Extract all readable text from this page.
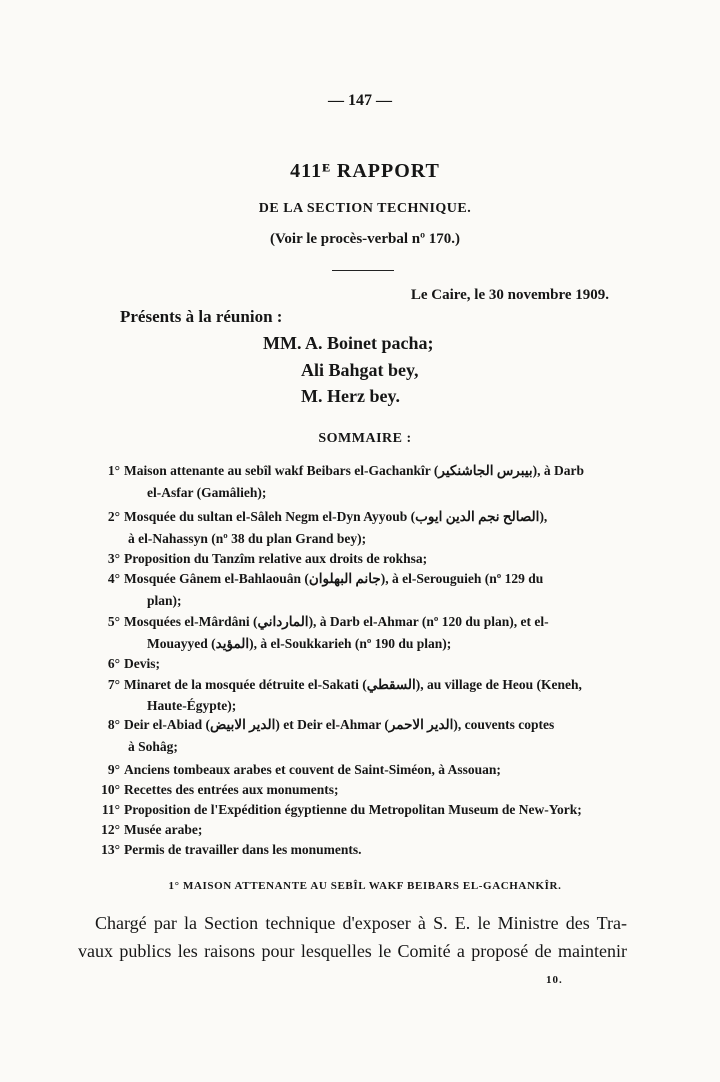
— 147 —
411ᴱ RAPPORT
DE LA SECTION TECHNIQUE.
(Voir le procès-verbal nº 170.)
Le Caire, le 30 novembre 1909.
Présents à la réunion :
MM. A. Boinet pacha;
Ali Bahgat bey,
M. Herz bey.
SOMMAIRE :
1° Maison attenante au sebîl wakf Beibars el-Gachankîr (بيبرس الجاشنكير), à Darb
el-Asfar (Gamâlieh);
2° Mosquée du sultan el-Sâleh Negm el-Dyn Ayyoub (الصالح نجم الدين ايوب),
à el-Nahassyn (nº 38 du plan Grand bey);
3° Proposition du Tanzîm relative aux droits de rokhsa;
4° Mosquée Gânem el-Bahlaouân (جانم البهلوان), à el-Serouguieh (nº 129 du
plan);
5° Mosquées el-Mârdâni (المارداني), à Darb el-Ahmar (nº 120 du plan), et el-
Mouayyed (المؤيد), à el-Soukkarieh (nº 190 du plan);
6° Devis;
7° Minaret de la mosquée détruite el-Sakati (السقطي), au village de Heou (Keneh,
Haute-Égypte);
8° Deir el-Abiad (الدير الابيض) et Deir el-Ahmar (الدير الاحمر), couvents coptes
à Sohâg;
9° Anciens tombeaux arabes et couvent de Saint-Siméon, à Assouan;
10° Recettes des entrées aux monuments;
11° Proposition de l'Expédition égyptienne du Metropolitan Museum de New-York;
12° Musée arabe;
13° Permis de travailler dans les monuments.
1° MAISON ATTENANTE AU SEBÎL WAKF BEIBARS EL-GACHANKÎR.
Chargé par la Section technique d'exposer à S. E. le Ministre des Tra-
vaux publics les raisons pour lesquelles le Comité a proposé de maintenir
10.
